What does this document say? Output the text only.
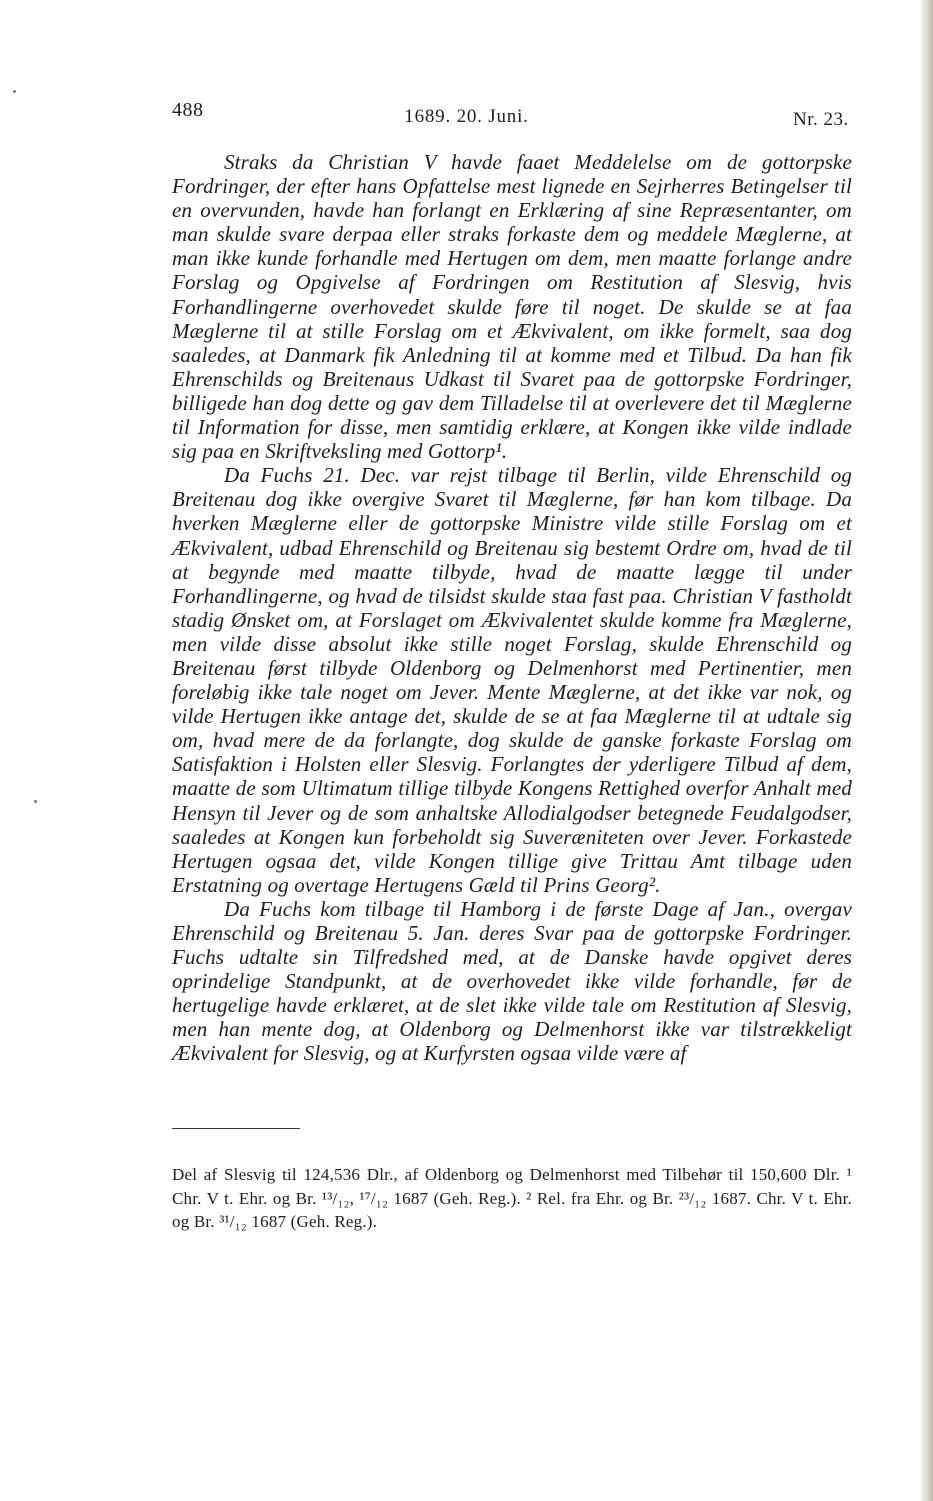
488	1689. 20. Juni.	Nr. 23.

Straks da Christian V havde faaet Meddelelse om de gottorpske Fordringer, der efter hans Opfattelse mest lignede en Sejrherres Betingelser til en overvunden, havde han forlangt en Erklæring af sine Repræsentanter, om man skulde svare derpaa eller straks forkaste dem og meddele Mæglerne, at man ikke kunde forhandle med Hertugen om dem, men maatte forlange andre Forslag og Opgivelse af Fordringen om Restitution af Slesvig, hvis Forhandlingerne overhovedet skulde føre til noget. De skulde se at faa Mæglerne til at stille Forslag om et Ækvivalent, om ikke formelt, saa dog saaledes, at Danmark fik Anledning til at komme med et Tilbud. Da han fik Ehrenschilds og Breitenaus Udkast til Svaret paa de gottorpske Fordringer, billigede han dog dette og gav dem Tilladelse til at overlevere det til Mæglerne til Information for disse, men samtidig erklære, at Kongen ikke vilde indlade sig paa en Skriftveksling med Gottorp¹.

Da Fuchs 21. Dec. var rejst tilbage til Berlin, vilde Ehrenschild og Breitenau dog ikke overgive Svaret til Mæglerne, før han kom tilbage. Da hverken Mæglerne eller de gottorpske Ministre vilde stille Forslag om et Ækvivalent, udbad Ehrenschild og Breitenau sig bestemt Ordre om, hvad de til at begynde med maatte tilbyde, hvad de maatte lægge til under Forhandlingerne, og hvad de tilsidst skulde staa fast paa. Christian V fastholdt stadig Ønsket om, at Forslaget om Ækvivalentet skulde komme fra Mæglerne, men vilde disse absolut ikke stille noget Forslag, skulde Ehrenschild og Breitenau først tilbyde Oldenborg og Delmenhorst med Pertinentier, men foreløbig ikke tale noget om Jever. Mente Mæglerne, at det ikke var nok, og vilde Hertugen ikke antage det, skulde de se at faa Mæglerne til at udtale sig om, hvad mere de da forlangte, dog skulde de ganske forkaste Forslag om Satisfaktion i Holsten eller Slesvig. Forlangtes der yderligere Tilbud af dem, maatte de som Ultimatum tillige tilbyde Kongens Rettighed overfor Anhalt med Hensyn til Jever og de som anhaltske Allodialgodser betegnede Feudalgodser, saaledes at Kongen kun forbeholdt sig Suveræniteten over Jever. Forkastede Hertugen ogsaa det, vilde Kongen tillige give Trittau Amt tilbage uden Erstatning og overtage Hertugens Gæld til Prins Georg².

Da Fuchs kom tilbage til Hamborg i de første Dage af Jan., overgav Ehrenschild og Breitenau 5. Jan. deres Svar paa de gottorpske Fordringer. Fuchs udtalte sin Tilfredshed med, at de Danske havde opgivet deres oprindelige Standpunkt, at de overhovedet ikke vilde forhandle, før de hertugelige havde erklæret, at de slet ikke vilde tale om Restitution af Slesvig, men han mente dog, at Oldenborg og Delmenhorst ikke var tilstrækkeligt Ækvivalent for Slesvig, og at Kurfyrsten ogsaa vilde være af

Del af Slesvig til 124,536 Dlr., af Oldenborg og Delmenhorst med Tilbehør til 150,600 Dlr. ¹ Chr. V t. Ehr. og Br. ¹³/₁₂, ¹⁷/₁₂ 1687 (Geh. Reg.). ² Rel. fra Ehr. og Br. ²³/₁₂ 1687. Chr. V t. Ehr. og Br. ³¹/₁₂ 1687 (Geh. Reg.).
